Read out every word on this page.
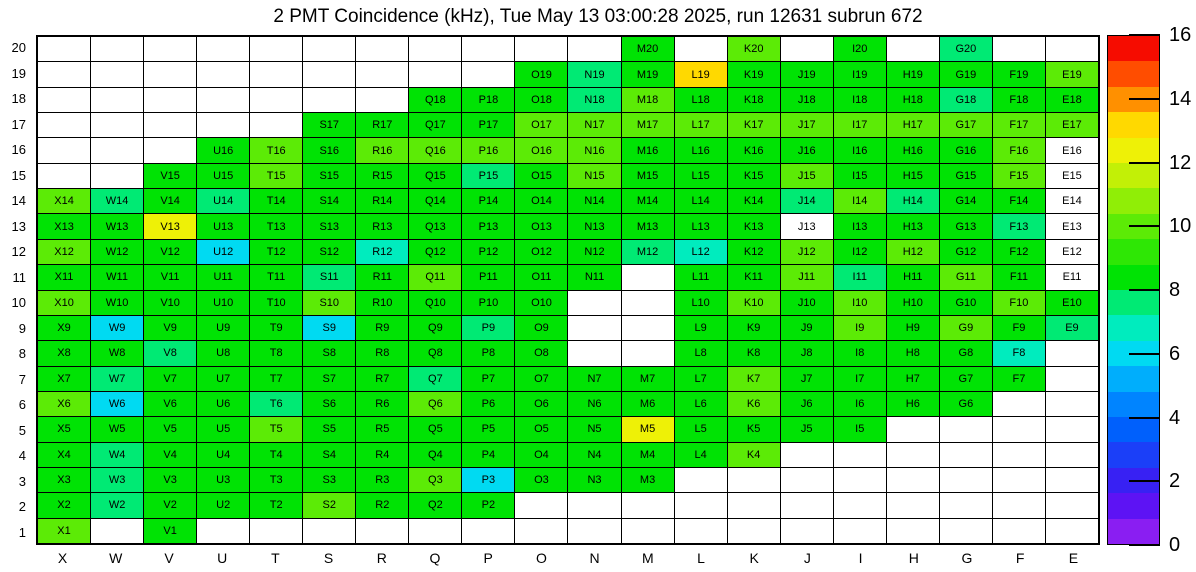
2 PMT Coincidence (kHz), Tue May 13 03:00:28 2025, run 12631 subrun 672
20
19
18
17
16
15
14
13
12
11
10
9
8
7
6
5
4
3
2
1
M20	K20	I20	G20
O19	N19	M19	L19	K19	J19	I19	H19	G19	F19	E19
Q18	P18	O18	N18	M18	L18	K18	J18	I18	H18	G18	F18	E18
S17	R17	Q17	P17	O17	N17	M17	L17	K17	J17	I17	H17	G17	F17	E17
U16	T16	S16	R16	Q16	P16	O16	N16	M16	L16	K16	J16	I16	H16	G16	F16	E16
V15	U15	T15	S15	R15	Q15	P15	O15	N15	M15	L15	K15	J15	I15	H15	G15	F15	E15
X14	W14	V14	U14	T14	S14	R14	Q14	P14	O14	N14	M14	L14	K14	J14	I14	H14	G14	F14	E14
X13	W13	V13	U13	T13	S13	R13	Q13	P13	O13	N13	M13	L13	K13	J13	I13	H13	G13	F13	E13
X12	W12	V12	U12	T12	S12	R12	Q12	P12	O12	N12	M12	L12	K12	J12	I12	H12	G12	F12	E12
X11	W11	V11	U11	T11	S11	R11	Q11	P11	O11	N11	L11	K11	J11	I11	H11	G11	F11	E11
X10	W10	V10	U10	T10	S10	R10	Q10	P10	O10	L10	K10	J10	I10	H10	G10	F10	E10
X9	W9	V9	U9	T9	S9	R9	Q9	P9	O9	L9	K9	J9	I9	H9	G9	F9	E9
X8	W8	V8	U8	T8	S8	R8	Q8	P8	O8	L8	K8	J8	I8	H8	G8	F8
X7	W7	V7	U7	T7	S7	R7	Q7	P7	O7	N7	M7	L7	K7	J7	I7	H7	G7	F7
X6	W6	V6	U6	T6	S6	R6	Q6	P6	O6	N6	M6	L6	K6	J6	I6	H6	G6
X5	W5	V5	U5	T5	S5	R5	Q5	P5	O5	N5	M5	L5	K5	J5	I5
X4	W4	V4	U4	T4	S4	R4	Q4	P4	O4	N4	M4	L4	K4
X3	W3	V3	U3	T3	S3	R3	Q3	P3	O3	N3	M3
X2	W2	V2	U2	T2	S2	R2	Q2	P2
X1	V1
X	W	V	U	T	S	R	Q	P	O	N	M	L	K	J	I	H	G	F	E
0
2
4
6
8
10
12
14
16
